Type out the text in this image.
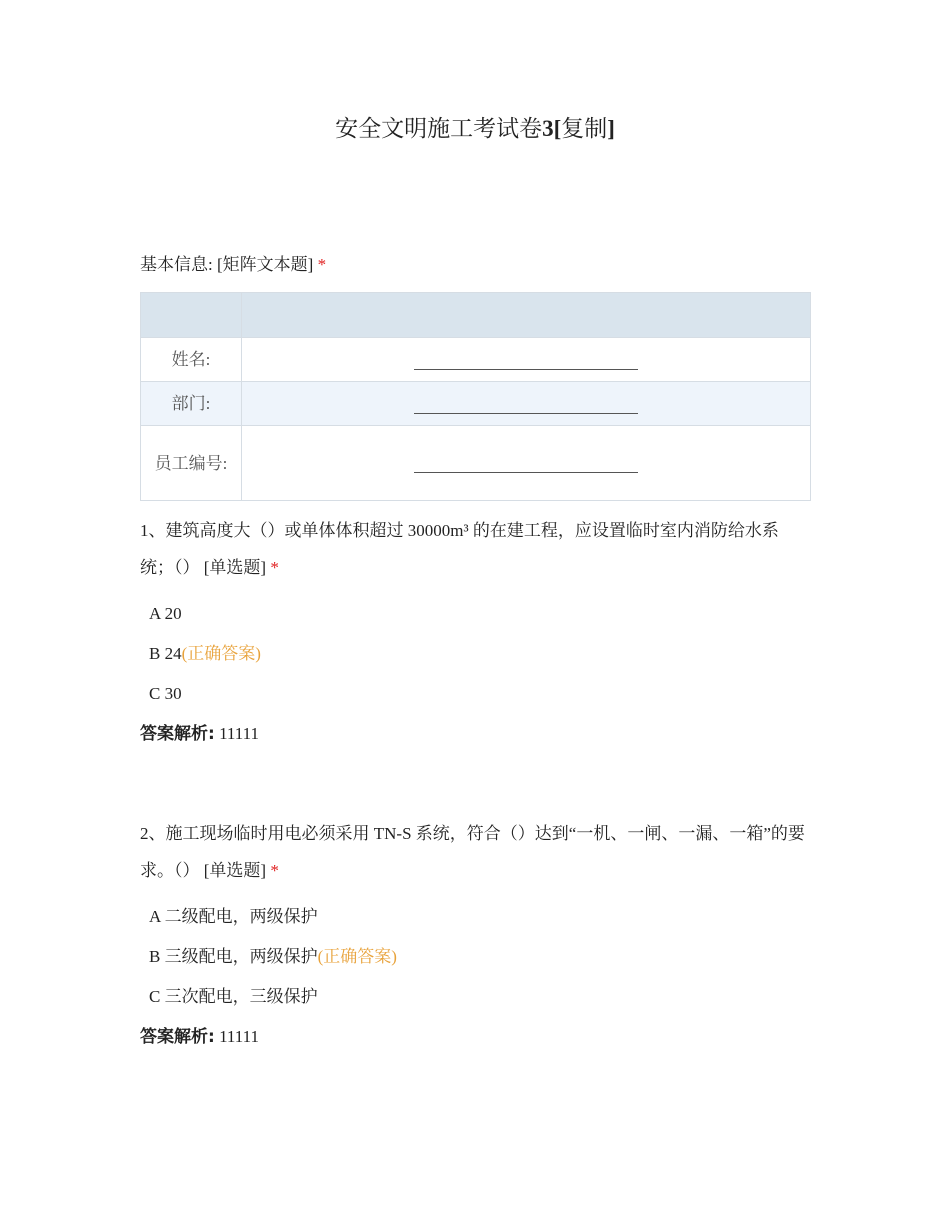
安全文明施工考试卷3[复制]
基本信息: [矩阵文本题] *

姓名:	
部门:	
员工编号:	
1、建筑高度大（）或单体体积超过 30000m³ 的在建工程，应设置临时室内消防给水系统；（） [单选题] *
A 20
B 24(正确答案)
C 30
答案解析: 11111
2、施工现场临时用电必须采用 TN-S 系统，符合（）达到“一机、一闸、一漏、一箱”的要求。（） [单选题] *
A 二级配电，两级保护
B 三级配电，两级保护(正确答案)
C 三次配电，三级保护
答案解析: 11111
